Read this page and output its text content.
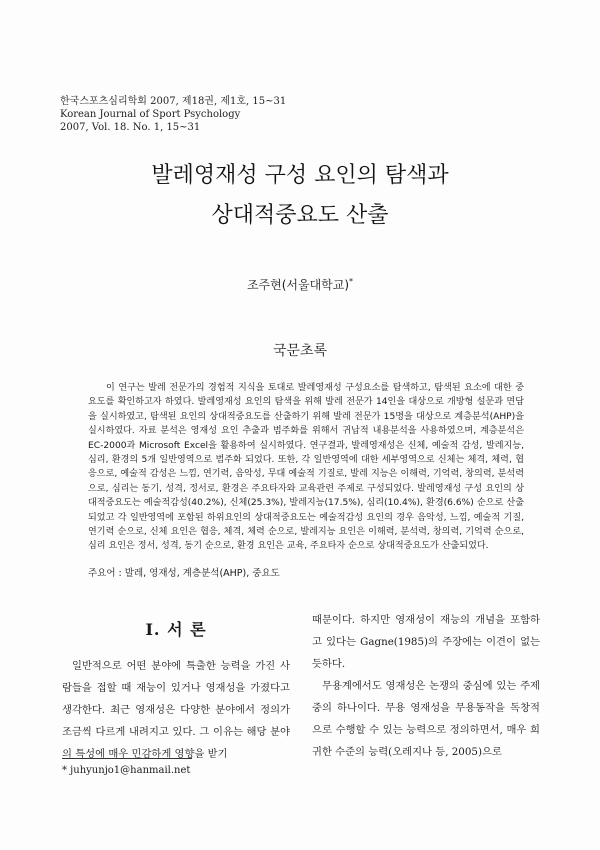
한국스포츠심리학회 2007, 제18권, 제1호, 15~31
Korean Journal of Sport Psychology
2007, Vol. 18. No. 1, 15~31
발레영재성 구성 요인의 탐색과
상대적중요도 산출
조주현(서울대학교)*
국문초록

이 연구는 발레 전문가의 경험적 지식을 토대로 발레영재성 구성요소를 탐색하고, 탐색된 요소에 대한 중요도를 확인하고자 하였다. 발레영재성 요인의 탐색을 위해 발레 전문가 14인을 대상으로 개방형 설문과 면담을 실시하였고, 탐색된 요인의 상대적중요도를 산출하기 위해 발레 전문가 15명을 대상으로 계층분석(AHP)을 실시하였다. 자료 분석은 영재성 요인 추출과 범주화를 위해서 귀납적 내용분석을 사용하였으며, 계층분석은 EC-2000과 Microsoft Excel을 활용하여 실시하였다. 연구결과, 발레영재성은 신체, 예술적 감성, 발레지능, 심리, 환경의 5개 일반영역으로 범주화 되었다. 또한, 각 일반영역에 대한 세부영역으로 신체는 체격, 체력, 협응으로, 예술적 감성은 느낌, 연기력, 음악성, 무대 예술적 기질로, 발레 지능은 이해력, 기억력, 창의력, 분석력으로, 심리는 동기, 성격, 정서로, 환경은 주요타자와 교육관련 주제로 구성되었다. 발레영재성 구성 요인의 상대적중요도는 예술적감성(40.2%), 신체(25.3%), 발레지능(17.5%), 심리(10.4%), 환경(6.6%) 순으로 산출되었고 각 일반영역에 포함된 하위요인의 상대적중요도는 예술적감성 요인의 경우 음악성, 느낌, 예술적 기질, 연기력 순으로, 신체 요인은 협응, 체격, 체력 순으로, 발레지능 요인은 이해력, 분석력, 창의력, 기억력 순으로, 심리 요인은 정서, 성격, 동기 순으로, 환경 요인은 교육, 주요타자 순으로 상대적중요도가 산출되었다.

주요어 : 발레, 영재성, 계층분석(AHP), 중요도
I. 서 론

일반적으로 어떤 분야에 특출한 능력을 가진 사람들을 접할 때 재능이 있거나 영재성을 가졌다고 생각한다. 최근 영재성은 다양한 분야에서 정의가 조금씩 다르게 내려지고 있다. 그 이유는 해당 분야의 특성에 매우 민감하게 영향을 받기

때문이다. 하지만 영재성이 재능의 개념을 포함하고 있다는 Gagne(1985)의 주장에는 이견이 없는 듯하다.

무용계에서도 영재성은 논쟁의 중심에 있는 주제 중의 하나이다. 무용 영재성을 무용동작을 독창적으로 수행할 수 있는 능력으로 정의하면서, 매우 희귀한 수준의 능력(오레지나 등, 2005)으로

* juhyunjo1@hanmail.net
